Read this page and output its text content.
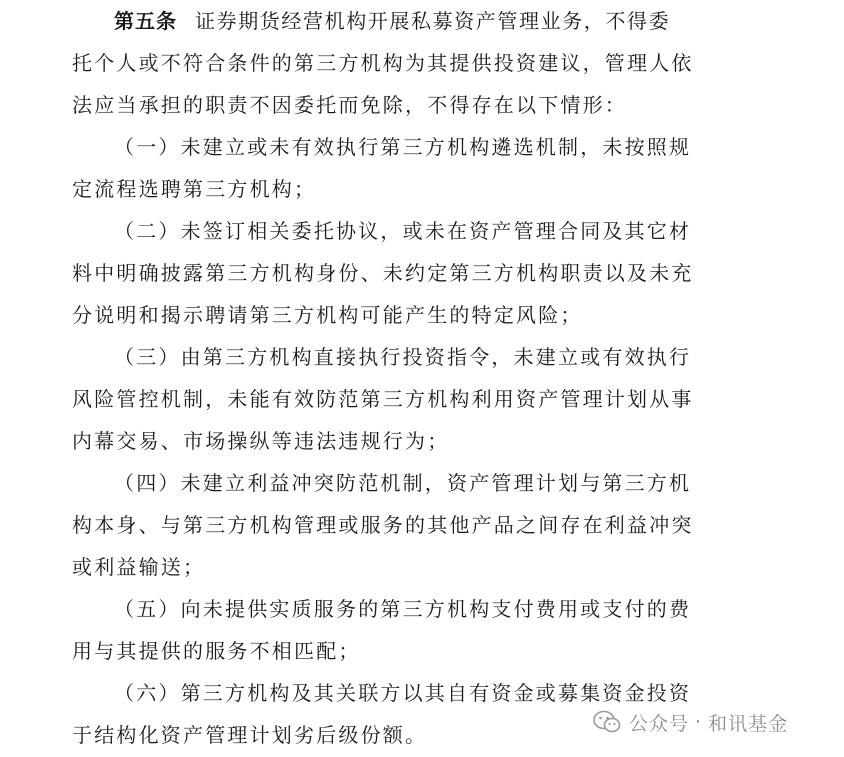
第五条 证券期货经营机构开展私募资产管理业务，不得委
托个人或不符合条件的第三方机构为其提供投资建议，管理人依
法应当承担的职责不因委托而免除，不得存在以下情形：
（一）未建立或未有效执行第三方机构遴选机制，未按照规
定流程选聘第三方机构；
（二）未签订相关委托协议，或未在资产管理合同及其它材
料中明确披露第三方机构身份、未约定第三方机构职责以及未充
分说明和揭示聘请第三方机构可能产生的特定风险；
（三）由第三方机构直接执行投资指令，未建立或有效执行
风险管控机制，未能有效防范第三方机构利用资产管理计划从事
内幕交易、市场操纵等违法违规行为；
（四）未建立利益冲突防范机制，资产管理计划与第三方机
构本身、与第三方机构管理或服务的其他产品之间存在利益冲突
或利益输送；
（五）向未提供实质服务的第三方机构支付费用或支付的费
用与其提供的服务不相匹配；
（六）第三方机构及其关联方以其自有资金或募集资金投资
于结构化资产管理计划劣后级份额。	公众号 · 和讯基金
